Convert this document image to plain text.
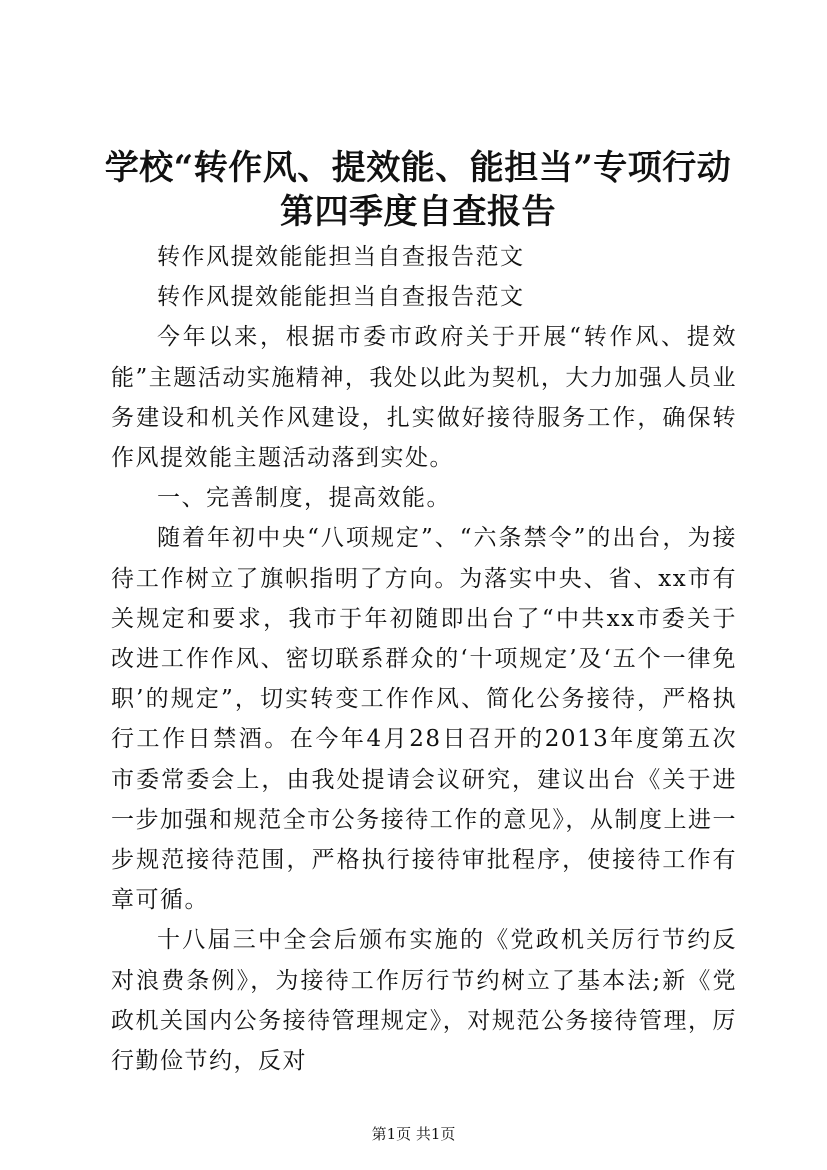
学校“转作风、提效能、能担当”专项行动第四季度自查报告

转作风提效能能担当自查报告范文

转作风提效能能担当自查报告范文

今年以来，根据市委市政府关于开展“转作风、提效能”主题活动实施精神，我处以此为契机，大力加强人员业务建设和机关作风建设，扎实做好接待服务工作，确保转作风提效能主题活动落到实处。

一、完善制度，提高效能。

随着年初中央“八项规定”、“六条禁令”的出台，为接待工作树立了旗帜指明了方向。为落实中央、省、xx市有关规定和要求，我市于年初随即出台了“中共xx市委关于改进工作作风、密切联系群众的‘十项规定’及‘五个一律免职’的规定”，切实转变工作作风、简化公务接待，严格执行工作日禁酒。在今年4月28日召开的2013年度第五次市委常委会上，由我处提请会议研究，建议出台《关于进一步加强和规范全市公务接待工作的意见》，从制度上进一步规范接待范围，严格执行接待审批程序，使接待工作有章可循。

十八届三中全会后颁布实施的《党政机关厉行节约反对浪费条例》，为接待工作厉行节约树立了基本法;新《党政机关国内公务接待管理规定》，对规范公务接待管理，厉行勤俭节约，反对

第1页 共1页
